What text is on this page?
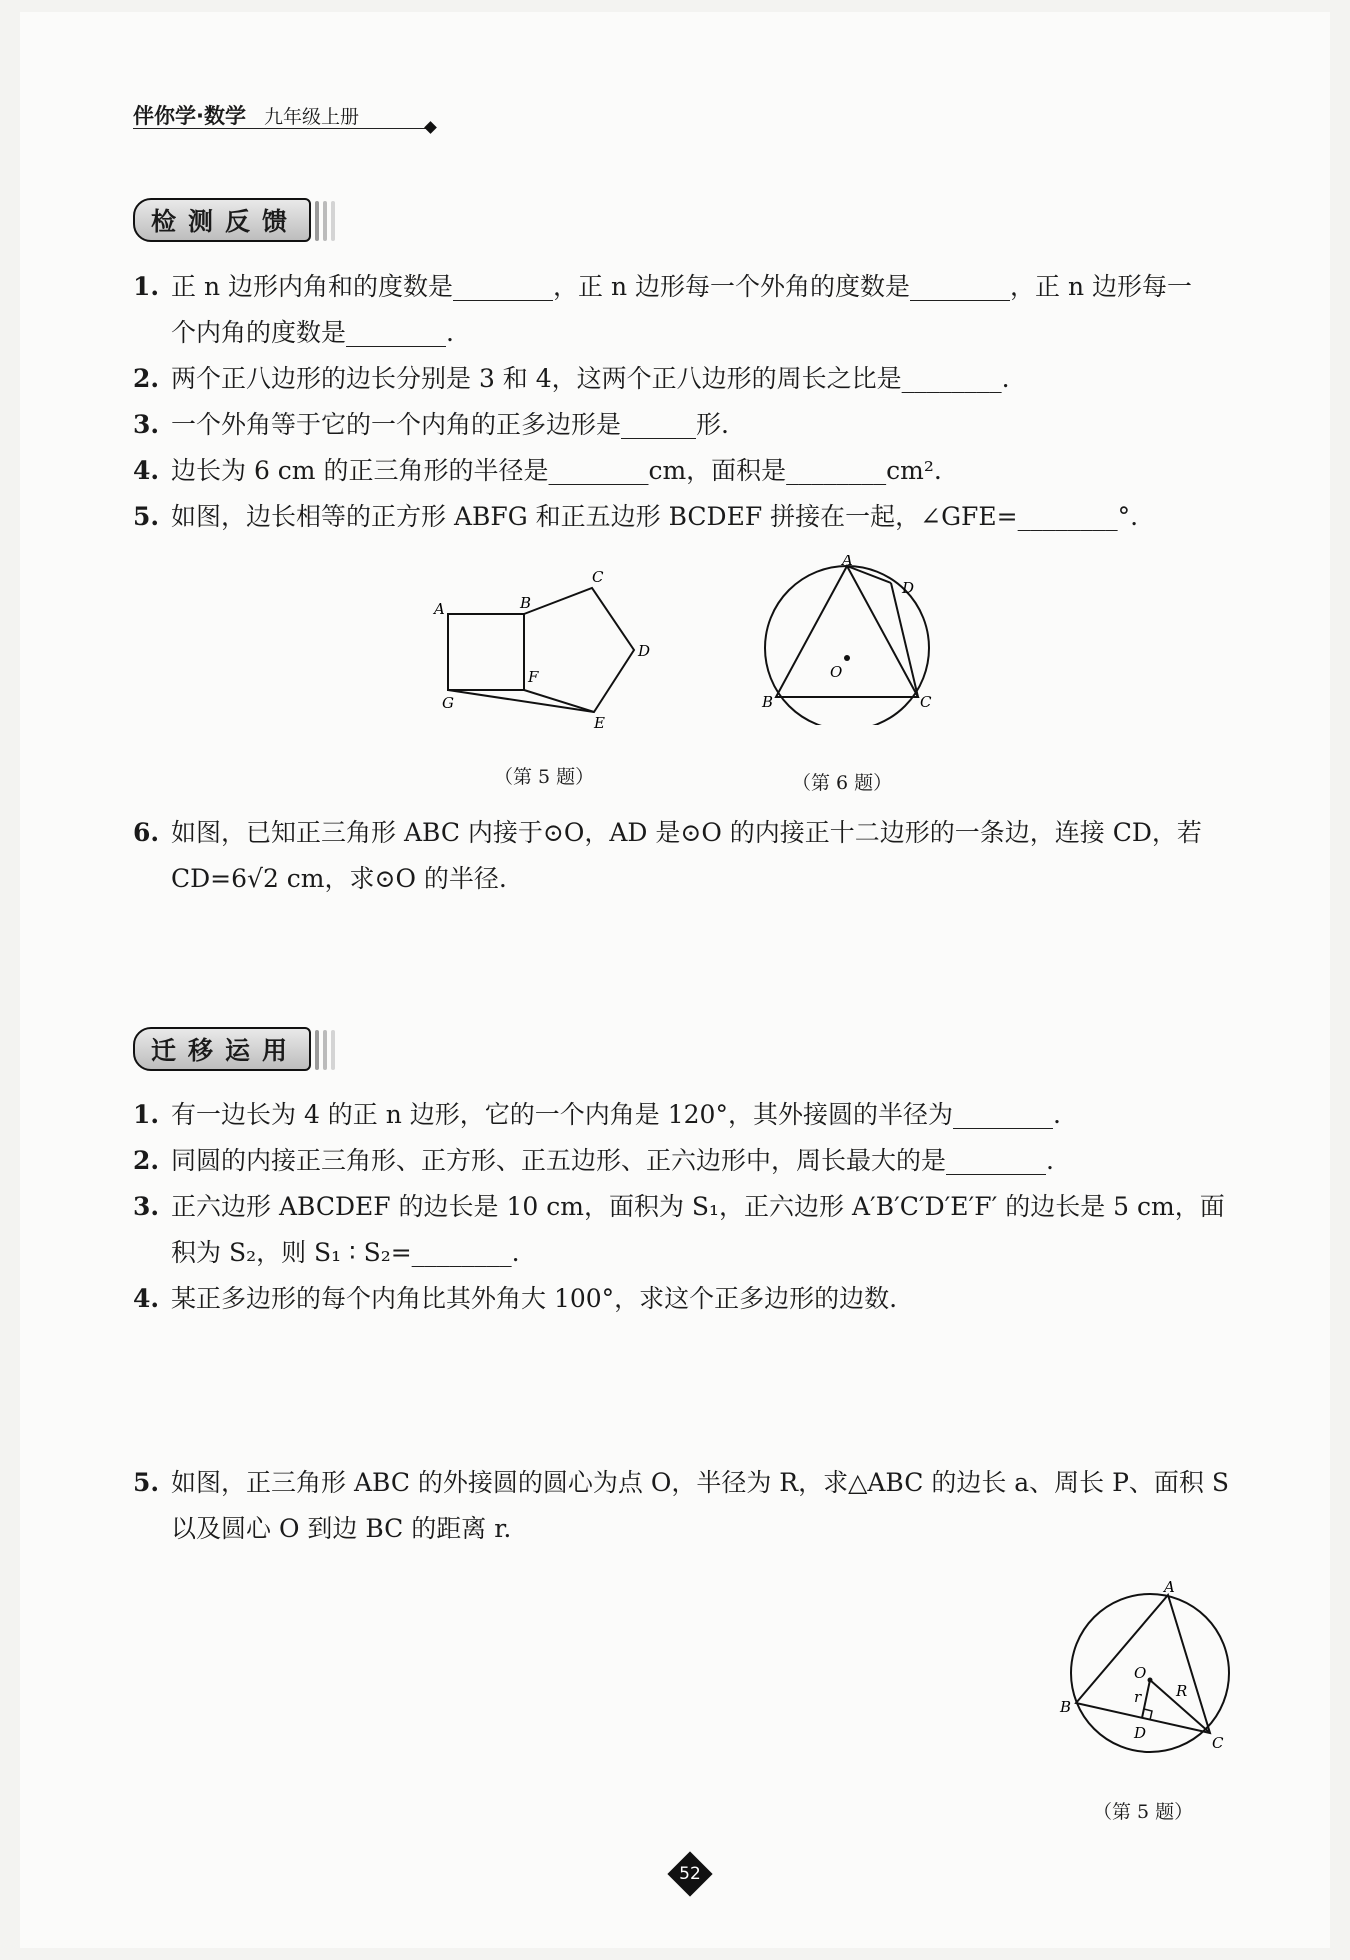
伴你学·数学 九年级上册
检测反馈
1. 正 n 边形内角和的度数是________，正 n 边形每一个外角的度数是________，正 n 边形每一
个内角的度数是________.
2. 两个正八边形的边长分别是 3 和 4，这两个正八边形的周长之比是________.
3. 一个外角等于它的一个内角的正多边形是______形.
4. 边长为 6 cm 的正三角形的半径是________cm，面积是________cm².
5. 如图，边长相等的正方形 ABFG 和正五边形 BCDEF 拼接在一起，∠GFE=________°.
A	B
C
D
E
F
G
（第 5 题）
A
D
O
B	C
（第 6 题）
6. 如图，已知正三角形 ABC 内接于⊙O，AD 是⊙O 的内接正十二边形的一条边，连接 CD，若
CD=6√2 cm，求⊙O 的半径.
迁移运用
1. 有一边长为 4 的正 n 边形，它的一个内角是 120°，其外接圆的半径为________.
2. 同圆的内接正三角形、正方形、正五边形、正六边形中，周长最大的是________.
3. 正六边形 ABCDEF 的边长是 10 cm，面积为 S₁，正六边形 A′B′C′D′E′F′ 的边长是 5 cm，面
积为 S₂，则 S₁ ∶ S₂=________.
4. 某正多边形的每个内角比其外角大 100°，求这个正多边形的边数.
5. 如图，正三角形 ABC 的外接圆的圆心为点 O，半径为 R，求△ABC 的边长 a、周长 P、面积 S
以及圆心 O 到边 BC 的距离 r.
A
O
R
r
B
D
C
（第 5 题）
52
